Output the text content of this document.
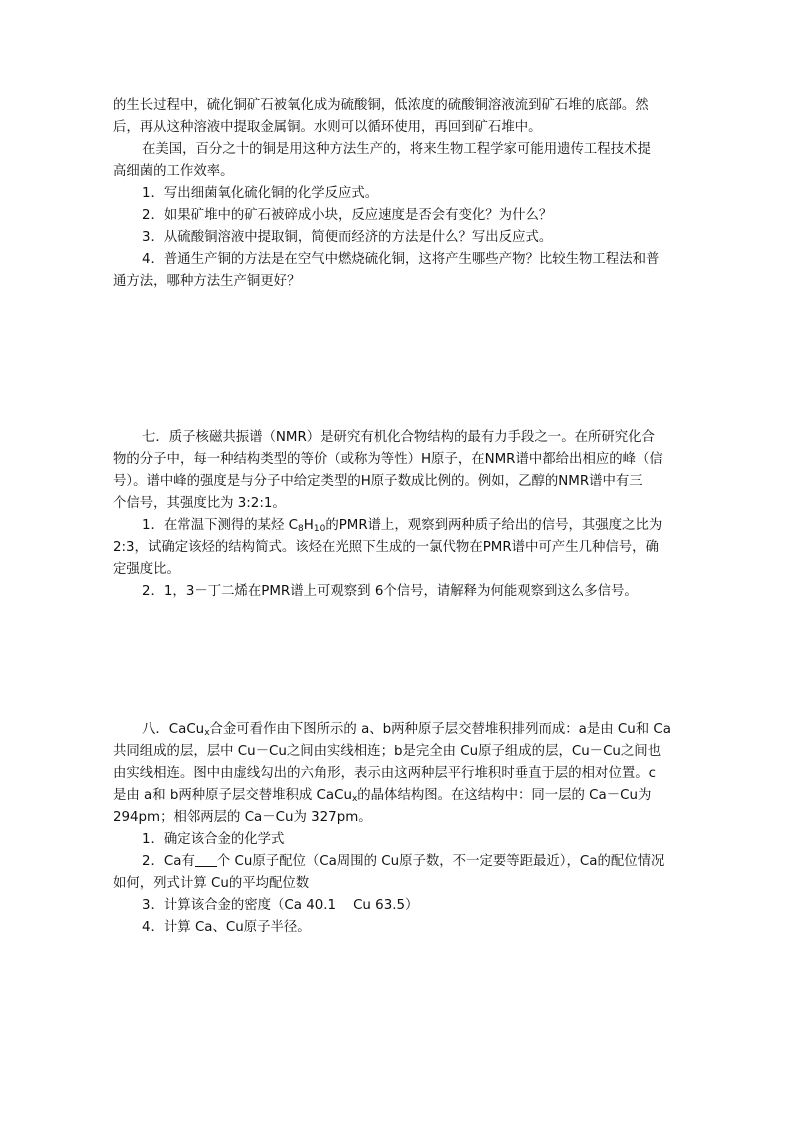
的生长过程中，硫化铜矿石被氧化成为硫酸铜，低浓度的硫酸铜溶液流到矿石堆的底部。然
后，再从这种溶液中提取金属铜。水则可以循环使用，再回到矿石堆中。
在美国，百分之十的铜是用这种方法生产的，将来生物工程学家可能用遗传工程技术提
高细菌的工作效率。
1．写出细菌氧化硫化铜的化学反应式。
2．如果矿堆中的矿石被碎成小块，反应速度是否会有变化？为什么？
3．从硫酸铜溶液中提取铜，简便而经济的方法是什么？写出反应式。
4．普通生产铜的方法是在空气中燃烧硫化铜，这将产生哪些产物？比较生物工程法和普
通方法，哪种方法生产铜更好？
七．质子核磁共振谱（NMR）是研究有机化合物结构的最有力手段之一。在所研究化合
物的分子中，每一种结构类型的等价（或称为等性）H原子，在NMR谱中都给出相应的峰（信
号）。谱中峰的强度是与分子中给定类型的H原子数成比例的。例如，乙醇的NMR谱中有三
个信号，其强度比为 3:2:1。
1．在常温下测得的某烃 $C_8H_{10}$的PMR谱上，观察到两种质子给出的信号，其强度之比为
2:3，试确定该烃的结构简式。该烃在光照下生成的一氯代物在PMR谱中可产生几种信号，确
定强度比。
2．1，3－丁二烯在PMR谱上可观察到 6个信号，请解释为何能观察到这么多信号。
八．CaCu$_x$合金可看作由下图所示的 a、b两种原子层交替堆积排列而成：a是由 Cu和 Ca
共同组成的层，层中 Cu－Cu之间由实线相连；b是完全由 Cu原子组成的层，Cu－Cu之间也
由实线相连。图中由虚线勾出的六角形，表示由这两种层平行堆积时垂直于层的相对位置。c
是由 a和 b两种原子层交替堆积成 CaCu$_x$的晶体结构图。在这结构中：同一层的 Ca－Cu为
294pm；相邻两层的 Ca－Cu为 327pm。
1．确定该合金的化学式
2．Ca有 个 Cu原子配位（Ca周围的 Cu原子数，不一定要等距最近），Ca的配位情况
如何，列式计算 Cu的平均配位数
3．计算该合金的密度（Ca 40.1    Cu 63.5）
4．计算 Ca、Cu原子半径。
